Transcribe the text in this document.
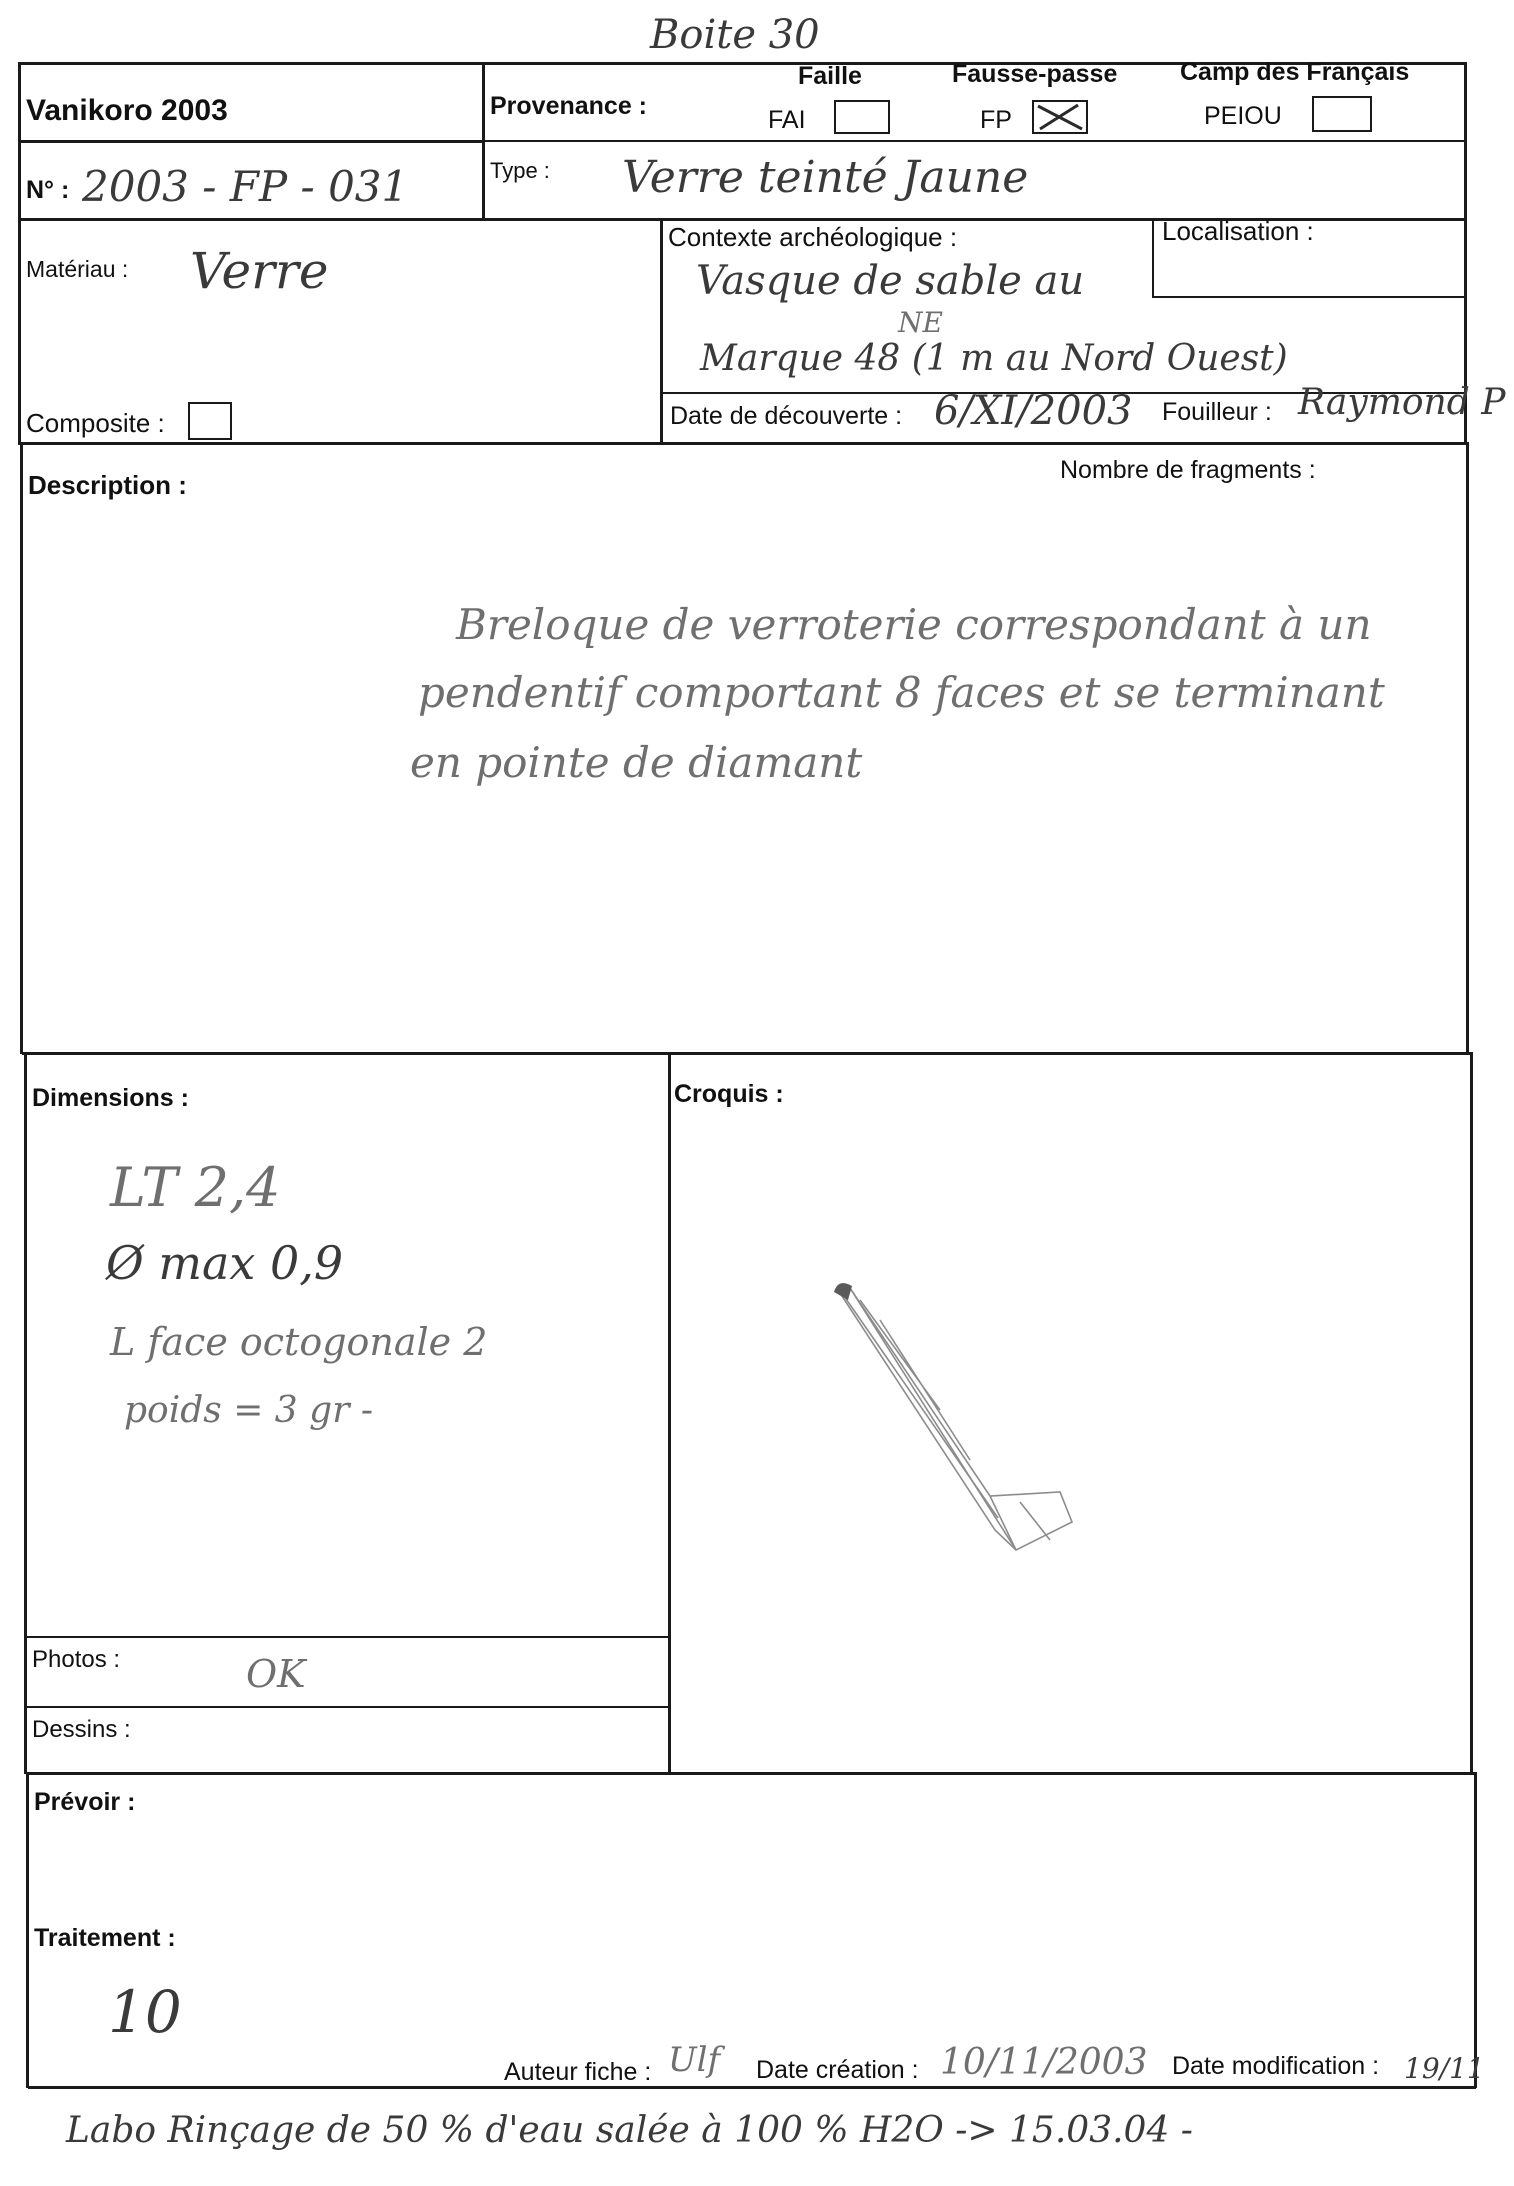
Boite 30
Vanikoro 2003	Provenance :
Faille
FAI
Fausse-passe
FP
Camp des Français
PEIOU
N° : 2003 - FP - 031	Type : Verre teinté Jaune
Matériau : Verre
Composite :
Contexte archéologique :
Vasque de sable au
NE
Marque 48 (1 m au Nord Ouest)
Localisation :
Date de découverte : 6/XI/2003 Fouilleur : Raymond P
Description :	Nombre de fragments :
Breloque de verroterie correspondant à un
pendentif comportant 8 faces et se terminant
en pointe de diamant
Dimensions :
LT 2,4
Ø max 0,9
L face octogonale 2
poids = 3 gr -
Croquis :
Photos :	OK
Dessins :
Prévoir :
Traitement :
10
Auteur fiche : Ulf Date création : 10/11/2003 Date modification : 19/11
Labo Rinçage de 50 % d'eau salée à 100 % H2O -> 15.03.04 -
